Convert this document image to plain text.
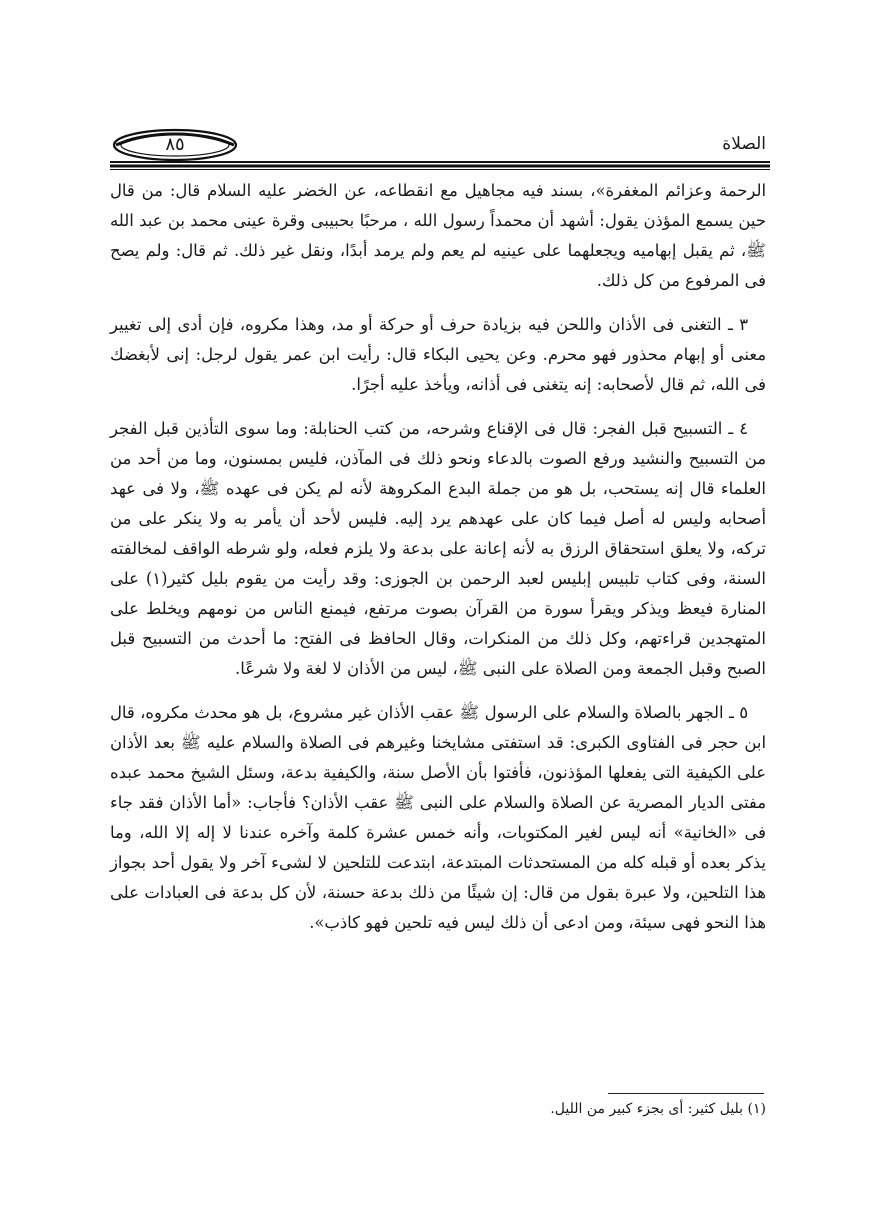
٨٥	الصلاة

الرحمة وعزائم المغفرة»، بسند فيه مجاهيل مع انقطاعه، عن الخضر عليه السلام قال: من قال حين يسمع المؤذن يقول: أشهد أن محمداً رسول الله ، مرحبًا بحبيبى وقرة عينى محمد بن عبد الله ﷺ، ثم يقبل إبهاميه ويجعلهما على عينيه لم يعم ولم يرمد أبدًا، ونقل غير ذلك. ثم قال: ولم يصح فى المرفوع من كل ذلك.

٣ ـ التغنى فى الأذان واللحن فيه بزيادة حرف أو حركة أو مد، وهذا مكروه، فإن أدى إلى تغيير معنى أو إبهام محذور فهو محرم. وعن يحيى البكاء قال: رأيت ابن عمر يقول لرجل: إنى لأبغضك فى الله، ثم قال لأصحابه: إنه يتغنى فى أذانه، ويأخذ عليه أجرًا.

٤ ـ التسبيح قبل الفجر: قال فى الإقناع وشرحه، من كتب الحنابلة: وما سوى التأذين قبل الفجر من التسبيح والنشيد ورفع الصوت بالدعاء ونحو ذلك فى المآذن، فليس بمسنون، وما من أحد من العلماء قال إنه يستحب، بل هو من جملة البدع المكروهة لأنه لم يكن فى عهده ﷺ، ولا فى عهد أصحابه وليس له أصل فيما كان على عهدهم يرد إليه. فليس لأحد أن يأمر به ولا ينكر على من تركه، ولا يعلق استحقاق الرزق به لأنه إعانة على بدعة ولا يلزم فعله، ولو شرطه الواقف لمخالفته السنة، وفى كتاب تلبيس إبليس لعبد الرحمن بن الجوزى: وقد رأيت من يقوم بليل كثير(١) على المنارة فيعظ ويذكر ويقرأ سورة من القرآن بصوت مرتفع، فيمنع الناس من نومهم ويخلط على المتهجدين قراءتهم، وكل ذلك من المنكرات، وقال الحافظ فى الفتح: ما أحدث من التسبيح قبل الصبح وقبل الجمعة ومن الصلاة على النبى ﷺ، ليس من الأذان لا لغة ولا شرعًا.

٥ ـ الجهر بالصلاة والسلام على الرسول ﷺ عقب الأذان غير مشروع، بل هو محدث مكروه، قال ابن حجر فى الفتاوى الكبرى: قد استفتى مشايخنا وغيرهم فى الصلاة والسلام عليه ﷺ بعد الأذان على الكيفية التى يفعلها المؤذنون، فأفتوا بأن الأصل سنة، والكيفية بدعة، وسئل الشيخ محمد عبده مفتى الديار المصرية عن الصلاة والسلام على النبى ﷺ عقب الأذان؟ فأجاب: «أما الأذان فقد جاء فى «الخانية» أنه ليس لغير المكتوبات، وأنه خمس عشرة كلمة وآخره عندنا لا إله إلا الله، وما يذكر بعده أو قبله كله من المستحدثات المبتدعة، ابتدعت للتلحين لا لشىء آخر ولا يقول أحد بجواز هذا التلحين، ولا عبرة بقول من قال: إن شيئًا من ذلك بدعة حسنة، لأن كل بدعة فى العبادات على هذا النحو فهى سيئة، ومن ادعى أن ذلك ليس فيه تلحين فهو كاذب».

(١) بليل كثير: أى بجزء كبير من الليل.
